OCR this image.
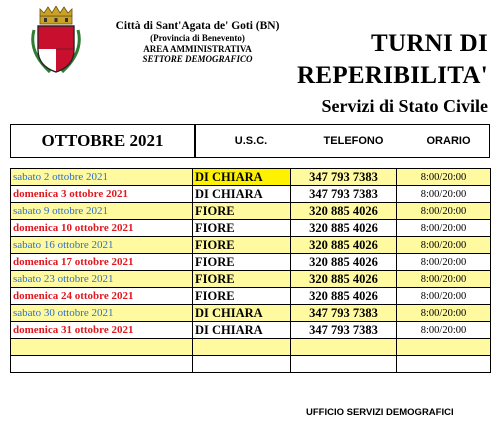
Città di Sant'Agata de' Goti (BN)
(Provincia di Benevento)
AREA AMMINISTRATIVA
SETTORE DEMOGRAFICO
TURNI DI
REPERIBILITA'
Servizi di Stato Civile
OTTOBRE 2021	U.S.C.	TELEFONO	ORARIO
sabato 2 ottobre 2021	DI CHIARA	347 793 7383	8:00/20:00
domenica 3 ottobre 2021	DI CHIARA	347 793 7383	8:00/20:00
sabato 9 ottobre 2021	FIORE	320 885 4026	8:00/20:00
domenica 10 ottobre 2021	FIORE	320 885 4026	8:00/20:00
sabato 16 ottobre 2021	FIORE	320 885 4026	8:00/20:00
domenica 17 ottobre 2021	FIORE	320 885 4026	8:00/20:00
sabato 23 ottobre 2021	FIORE	320 885 4026	8:00/20:00
domenica 24 ottobre 2021	FIORE	320 885 4026	8:00/20:00
sabato 30 ottobre 2021	DI CHIARA	347 793 7383	8:00/20:00
domenica 31 ottobre 2021	DI CHIARA	347 793 7383	8:00/20:00

UFFICIO SERVIZI DEMOGRAFICI
